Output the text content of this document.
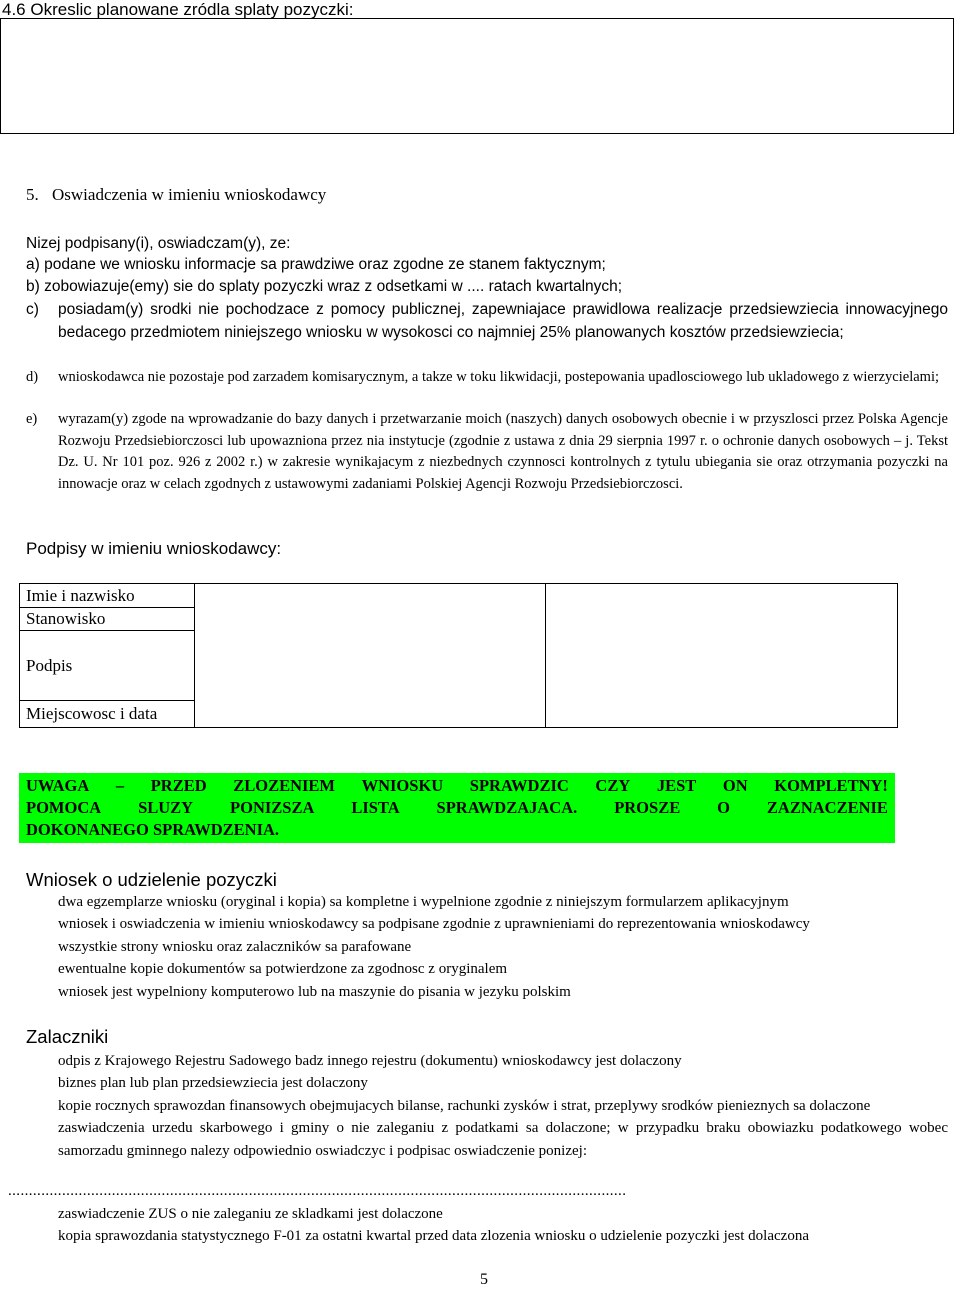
4.6 Okreslic planowane zródla splaty pozyczki:

5. Oswiadczenia w imieniu wnioskodawcy

Nizej podpisany(i), oswiadczam(y), ze:

a) podane we wniosku informacje sa prawdziwe oraz zgodne ze stanem faktycznym;

b) zobowiazuje(emy) sie do splaty pozyczki wraz z odsetkami w .... ratach kwartalnych;

c) posiadam(y) srodki nie pochodzace z pomocy publicznej, zapewniajace prawidlowa realizacje przedsiewziecia innowacyjnego bedacego przedmiotem niniejszego wniosku w wysokosci co najmniej 25% planowanych kosztów przedsiewziecia;
d) wnioskodawca nie pozostaje pod zarzadem komisarycznym, a takze w toku likwidacji, postepowania upadlosciowego lub ukladowego z wierzycielami;
e) wyrazam(y) zgode na wprowadzanie do bazy danych i przetwarzanie moich (naszych) danych osobowych obecnie i w przyszlosci przez Polska Agencje Rozwoju Przedsiebiorczosci lub upowazniona przez nia instytucje (zgodnie z ustawa z dnia 29 sierpnia 1997 r. o ochronie danych osobowych – j. Tekst Dz. U. Nr 101 poz. 926 z 2002 r.) w zakresie wynikajacym z niezbednych czynnosci kontrolnych z tytulu ubiegania sie oraz otrzymania pozyczki na innowacje oraz w celach zgodnych z ustawowymi zadaniami Polskiej Agencji Rozwoju Przedsiebiorczosci.

Podpisy w imieniu wnioskodawcy:

Imie i nazwisko		
Stanowisko
Podpis
Miejscowosc i data
UWAGA – PRZED ZLOZENIEM WNIOSKU SPRAWDZIC CZY JEST ON KOMPLETNY!
POMOCA SLUZY PONIZSZA LISTA SPRAWDZAJACA. PROSZE O ZAZNACZENIE
DOKONANEGO SPRAWDZENIA.

Wniosek o udzielenie pozyczki

dwa egzemplarze wniosku (oryginal i kopia) sa kompletne i wypelnione zgodnie z niniejszym formularzem aplikacyjnym
wniosek i oswiadczenia w imieniu wnioskodawcy sa podpisane zgodnie z uprawnieniami do reprezentowania wnioskodawcy
wszystkie strony wniosku oraz zalaczników sa parafowane
ewentualne kopie dokumentów sa potwierdzone za zgodnosc z oryginalem
wniosek jest wypelniony komputerowo lub na maszynie do pisania w jezyku polskim

Zalaczniki

odpis z Krajowego Rejestru Sadowego badz innego rejestru (dokumentu) wnioskodawcy jest dolaczony
biznes plan lub plan przedsiewziecia jest dolaczony
kopie rocznych sprawozdan finansowych obejmujacych bilanse, rachunki zysków i strat, przeplywy srodków pienieznych sa dolaczone
zaswiadczenia urzedu skarbowego i gminy o nie zaleganiu z podatkami sa dolaczone; w przypadku braku obowiazku podatkowego wobec samorzadu gminnego nalezy odpowiednio oswiadczyc i podpisac oswiadczenie ponizej:

.....................................................................................................................................................

zaswiadczenie ZUS o nie zaleganiu ze skladkami jest dolaczone
kopia sprawozdania statystycznego F-01 za ostatni kwartal przed data zlozenia wniosku o udzielenie pozyczki jest dolaczona

5
